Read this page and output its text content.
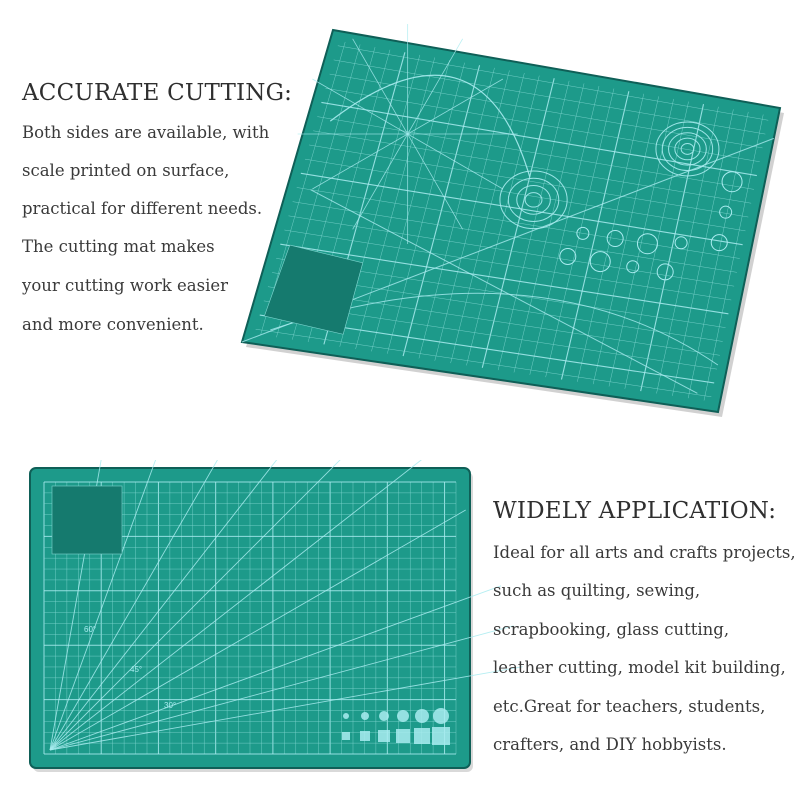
ACCURATE CUTTING:
Both sides are available, with
scale printed on surface,
practical for different needs.
The cutting mat makes
your cutting work easier
and more convenient.
60°
45°
30°
WIDELY APPLICATION:
Ideal for all arts and crafts projects,
such as quilting, sewing,
scrapbooking, glass cutting,
leather cutting, model kit building,
etc.Great for teachers, students,
crafters, and DIY hobbyists.
